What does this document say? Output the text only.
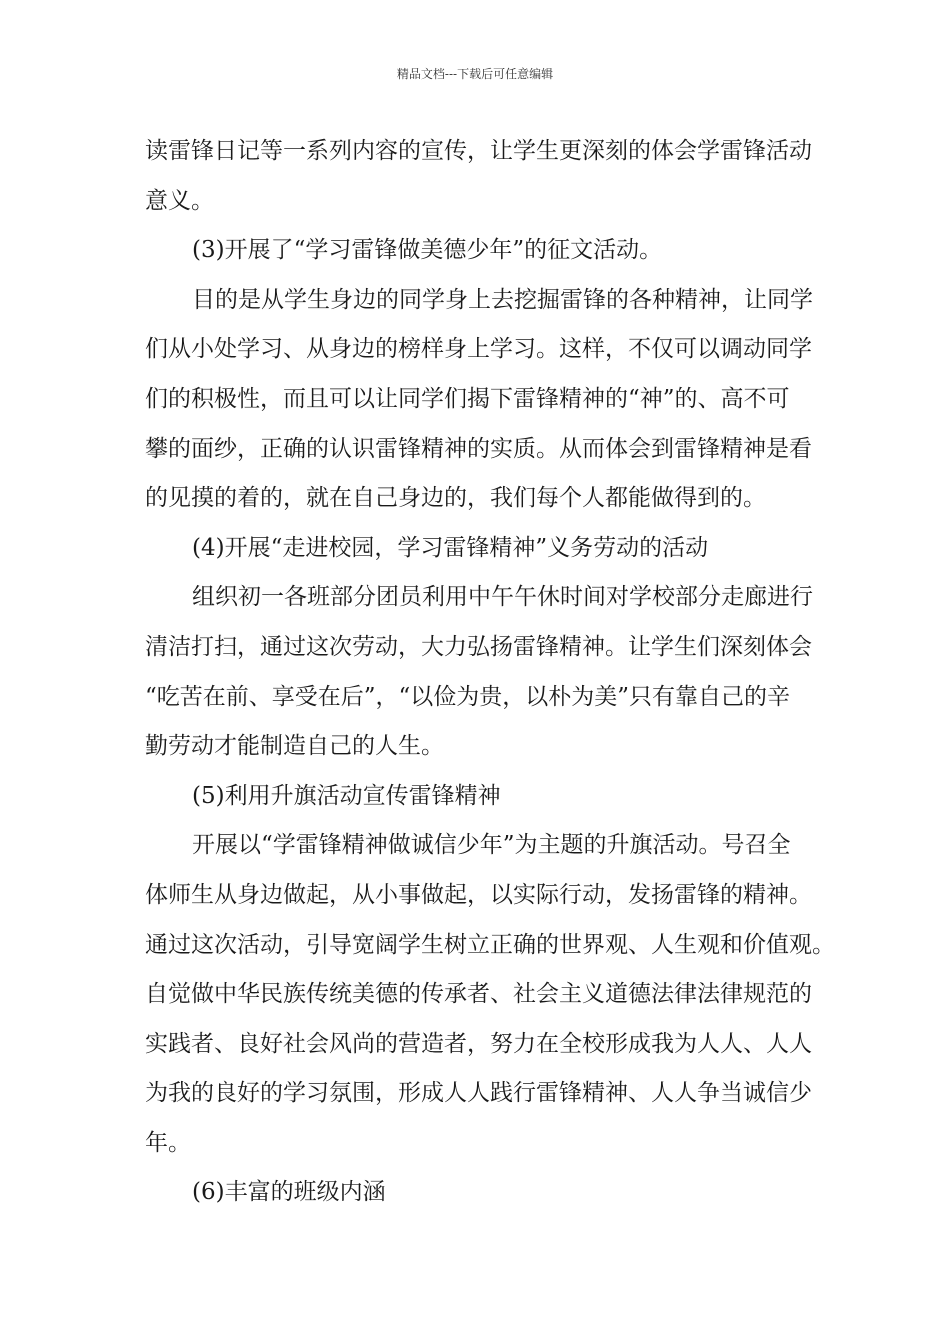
精品文档---下载后可任意编辑
读雷锋日记等一系列内容的宣传，让学生更深刻的体会学雷锋活动
意义。
(3)开展了“学习雷锋做美德少年”的征文活动。
目的是从学生身边的同学身上去挖掘雷锋的各种精神，让同学
们从小处学习、从身边的榜样身上学习。这样，不仅可以调动同学
们的积极性，而且可以让同学们揭下雷锋精神的“神”的、高不可
攀的面纱，正确的认识雷锋精神的实质。从而体会到雷锋精神是看
的见摸的着的，就在自己身边的，我们每个人都能做得到的。
(4)开展“走进校园，学习雷锋精神”义务劳动的活动
组织初一各班部分团员利用中午午休时间对学校部分走廊进行
清洁打扫，通过这次劳动，大力弘扬雷锋精神。让学生们深刻体会
“吃苦在前、享受在后”，“以俭为贵，以朴为美”只有靠自己的辛
勤劳动才能制造自己的人生。
(5)利用升旗活动宣传雷锋精神
开展以“学雷锋精神做诚信少年”为主题的升旗活动。号召全
体师生从身边做起，从小事做起，以实际行动，发扬雷锋的精神。
通过这次活动，引导宽阔学生树立正确的世界观、人生观和价值观。
自觉做中华民族传统美德的传承者、社会主义道德法律法律规范的
实践者、良好社会风尚的营造者，努力在全校形成我为人人、人人
为我的良好的学习氛围，形成人人践行雷锋精神、人人争当诚信少
年。
(6)丰富的班级内涵
